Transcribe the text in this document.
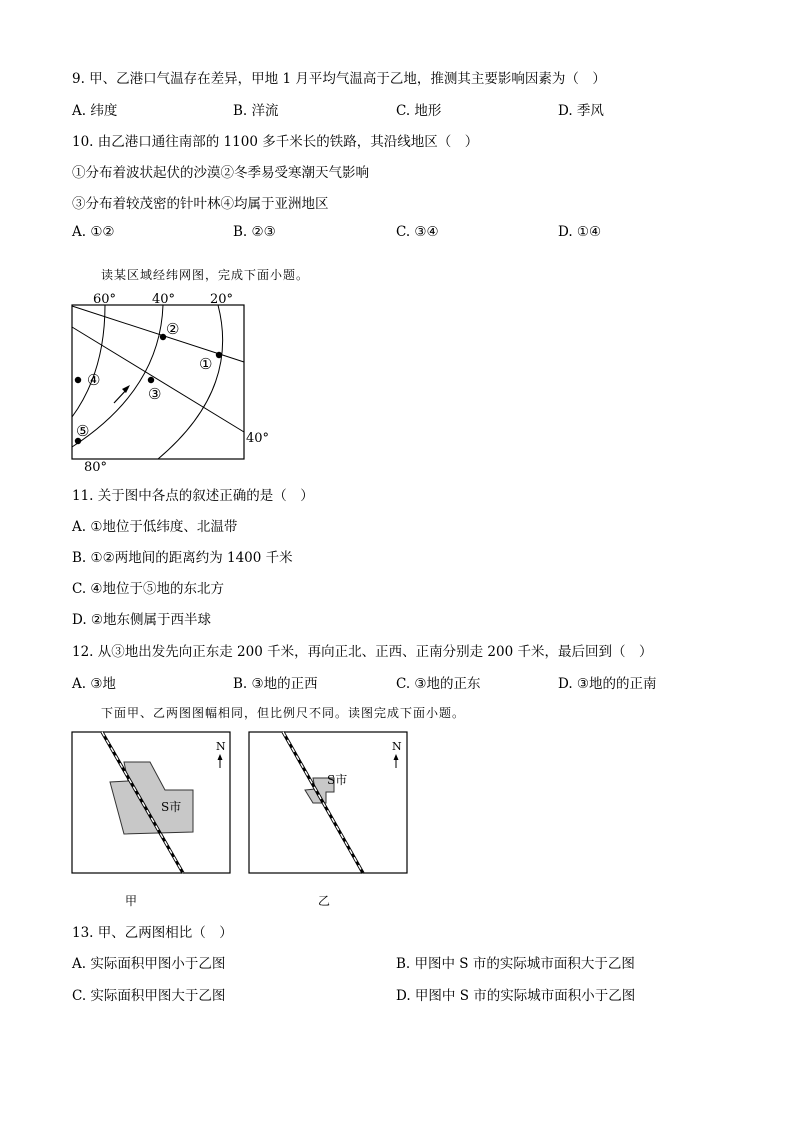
9. 甲、乙港口气温存在差异，甲地 1 月平均气温高于乙地，推测其主要影响因素为（　）
A. 纬度	B. 洋流	C. 地形	D. 季风
10. 由乙港口通往南部的 1100 多千米长的铁路，其沿线地区（　）
①分布着波状起伏的沙漠②冬季易受寒潮天气影响
③分布着较茂密的针叶林④均属于亚洲地区
A. ①②	B. ②③	C. ③④	D. ①④
读某区域经纬网图，完成下面小题。
60°	40°	20°
40°
80°
①
②
③
④
⑤
11. 关于图中各点的叙述正确的是（　）
A. ①地位于低纬度、北温带
B. ①②两地间的距离约为 1400 千米
C. ④地位于⑤地的东北方
D. ②地东侧属于西半球
12. 从③地出发先向正东走 200 千米，再向正北、正西、正南分别走 200 千米，最后回到（　）
A. ③地	B. ③地的正西	C. ③地的正东	D. ③地的的正南
下面甲、乙两图图幅相同，但比例尺不同。读图完成下面小题。
S市
N
S市
N
甲	乙
13. 甲、乙两图相比（　）
A. 实际面积甲图小于乙图	B. 甲图中 S 市的实际城市面积大于乙图
C. 实际面积甲图大于乙图	D. 甲图中 S 市的实际城市面积小于乙图
